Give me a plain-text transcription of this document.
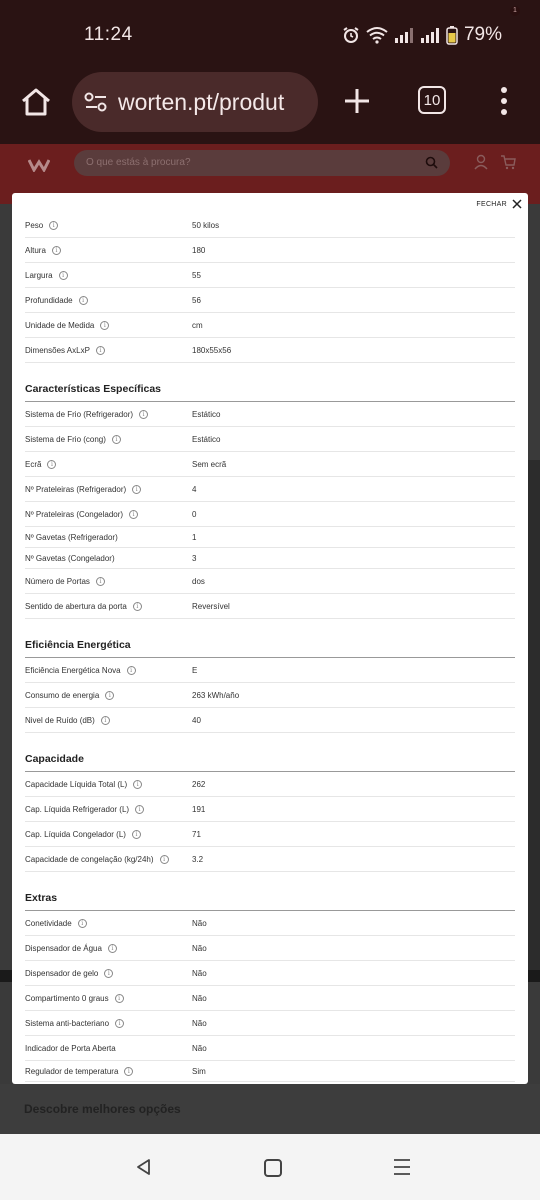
11:24	79%
worten.pt/produt	10
O que estás à procura?
1
Descobre melhores opções
FECHAR
Peso	i	50 kilos
Altura	i	180
Largura	i	55
Profundidade	i	56
Unidade de Medida	i	cm
Dimensões AxLxP	i	180x55x56
Características Específicas
Sistema de Frio (Refrigerador)	i	Estático
Sistema de Frio (cong)	i	Estático
Ecrã	i	Sem ecrã
Nº Prateleiras (Refrigerador)	i	4
Nº Prateleiras (Congelador)	i	0
Nº Gavetas (Refrigerador)	1
Nº Gavetas (Congelador)	3
Número de Portas	i	dos
Sentido de abertura da porta	i	Reversível
Eficiência Energética
Eficiência Energética Nova	i	E
Consumo de energia	i	263 kWh/año
Nivel de Ruído (dB)	i	40
Capacidade
Capacidade Líquida Total (L)	i	262
Cap. Líquida Refrigerador (L)	i	191
Cap. Líquida Congelador (L)	i	71
Capacidade de congelação (kg/24h)	i	3.2
Extras
Conetividade	i	Não
Dispensador de Água	i	Não
Dispensador de gelo	i	Não
Compartimento 0 graus	i	Não
Sistema anti-bacteriano	i	Não
Indicador de Porta Aberta	Não
Regulador de temperatura	i	Sim
